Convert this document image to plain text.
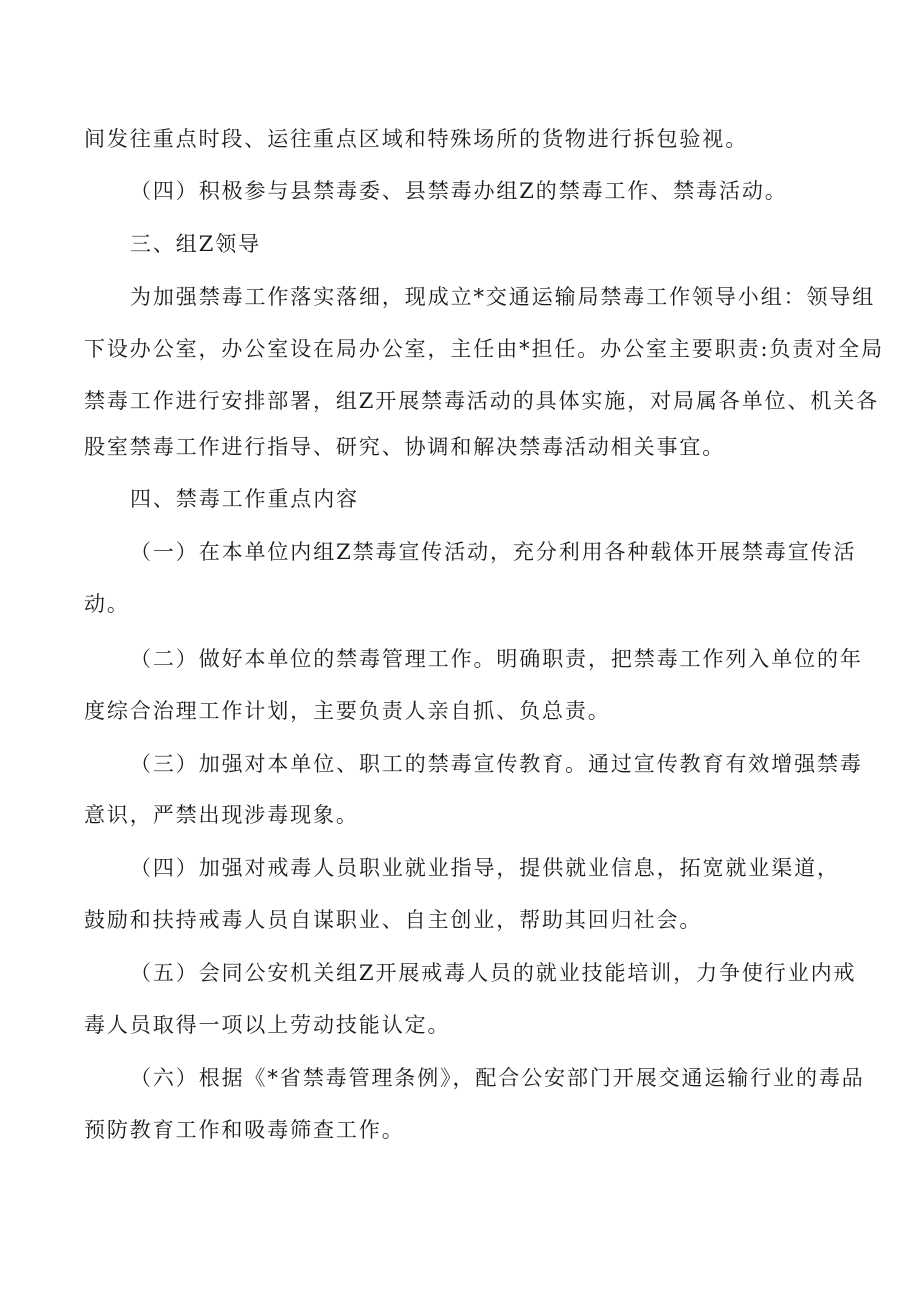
间发往重点时段、运往重点区域和特殊场所的货物进行拆包验视。
（四）积极参与县禁毒委、县禁毒办组Z的禁毒工作、禁毒活动。
三、组Z领导
为加强禁毒工作落实落细，现成立*交通运输局禁毒工作领导小组：领导组
下设办公室，办公室设在局办公室，主任由*担任。办公室主要职责:负责对全局
禁毒工作进行安排部署，组Z开展禁毒活动的具体实施，对局属各单位、机关各
股室禁毒工作进行指导、研究、协调和解决禁毒活动相关事宜。
四、禁毒工作重点内容
（一）在本单位内组Z禁毒宣传活动，充分利用各种载体开展禁毒宣传活
动。
（二）做好本单位的禁毒管理工作。明确职责，把禁毒工作列入单位的年
度综合治理工作计划，主要负责人亲自抓、负总责。
（三）加强对本单位、职工的禁毒宣传教育。通过宣传教育有效增强禁毒
意识，严禁出现涉毒现象。
（四）加强对戒毒人员职业就业指导，提供就业信息，拓宽就业渠道，
鼓励和扶持戒毒人员自谋职业、自主创业，帮助其回归社会。
（五）会同公安机关组Z开展戒毒人员的就业技能培训，力争使行业内戒
毒人员取得一项以上劳动技能认定。
（六）根据《*省禁毒管理条例》，配合公安部门开展交通运输行业的毒品
预防教育工作和吸毒筛查工作。
